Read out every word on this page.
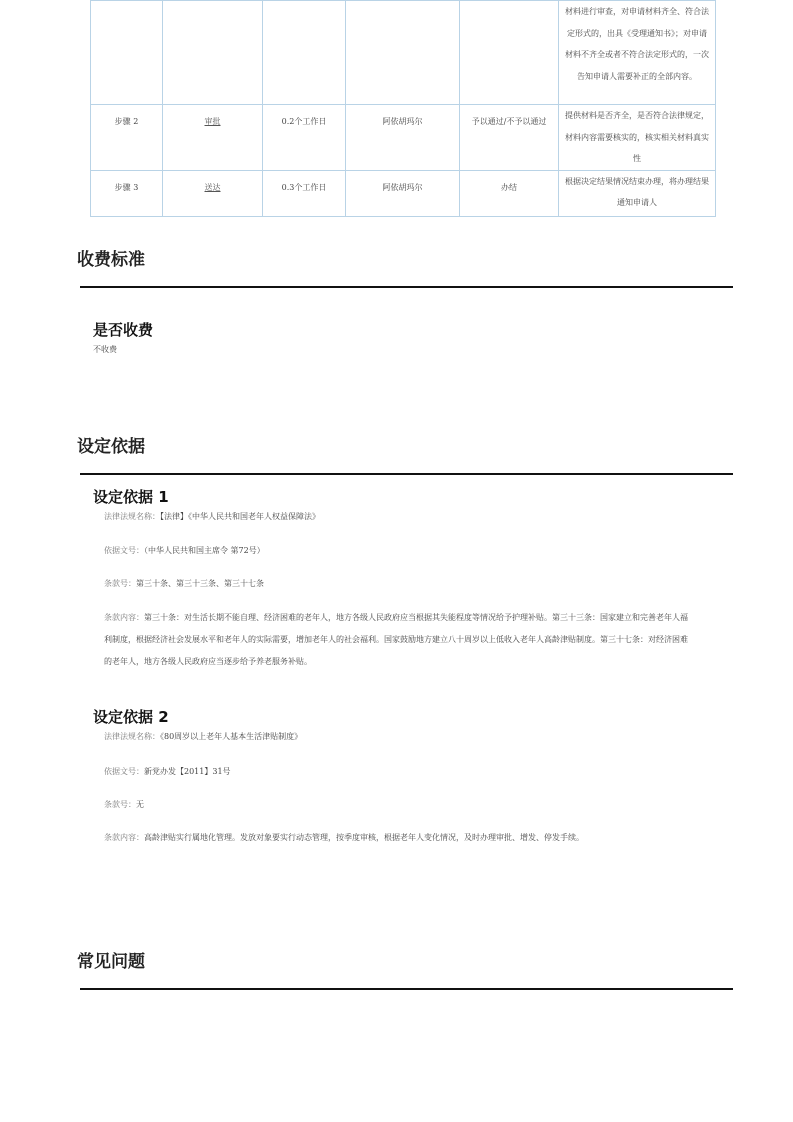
					材料进行审查，对申请材料齐全、符合法定形式的，出具《受理通知书》；对申请材料不齐全或者不符合法定形式的，一次告知申请人需要补正的全部内容。
步骤 2	审批	0.2个工作日	阿依胡玛尔	予以通过/不予以通过	提供材料是否齐全，是否符合法律规定，材料内容需要核实的，核实相关材料真实性
步骤 3	送达	0.3个工作日	阿依胡玛尔	办结	根据决定结果情况结束办理，将办理结果通知申请人
收费标准
是否收费
不收费
设定依据
设定依据 1
法律法规名称：【法律】《中华人民共和国老年人权益保障法》
依据文号：（中华人民共和国主席令 第72号）
条款号：第三十条、第三十三条、第三十七条

条款内容：第三十条：对生活长期不能自理、经济困难的老年人，地方各级人民政府应当根据其失能程度等情况给予护理补贴。第三十三条：国家建立和完善老年人福利制度，根据经济社会发展水平和老年人的实际需要，增加老年人的社会福利。国家鼓励地方建立八十周岁以上低收入老年人高龄津贴制度。第三十七条：对经济困难的老年人，地方各级人民政府应当逐步给予养老服务补贴。

设定依据 2
法律法规名称：《80周岁以上老年人基本生活津贴制度》
依据文号：新党办发【2011】31号
条款号：无

条款内容：高龄津贴实行属地化管理。发放对象要实行动态管理，按季度审核，根据老年人变化情况，及时办理审批、增发、停发手续。

常见问题
